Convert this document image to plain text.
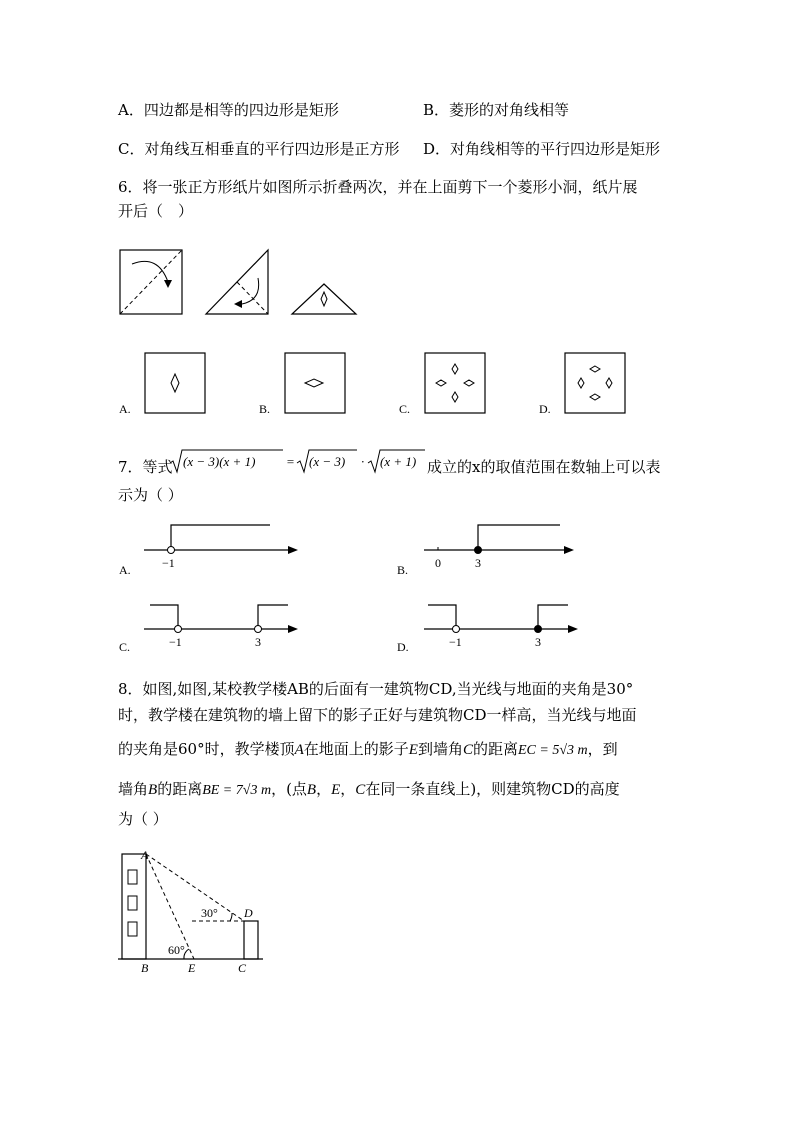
A．四边都是相等的四边形是矩形	B．菱形的对角线相等
C．对角线互相垂直的平行四边形是正方形 D．对角线相等的平行四边形是矩形
6．将一张正方形纸片如图所示折叠两次，并在上面剪下一个菱形小洞，纸片展
开后（　）
A.	B.	C.	D.
7．等式 (x − 3)(x + 1) = (x − 3) · (x + 1) 成立的x的取值范围在数轴上可以表
示为（ ）
−1
A.	0	3
B.
−1	3
C.	−1	3
D.
8．如图,如图,某校教学楼AB的后面有一建筑物CD,当光线与地面的夹角是30°
时，教学楼在建筑物的墙上留下的影子正好与建筑物CD一样高，当光线与地面
的夹角是60°时，教学楼顶A在地面上的影子E到墙角C的距离EC = 5√3 m，到
墙角B的距离BE = 7√3 m，(点B，E，C在同一条直线上)，则建筑物CD的高度
为（ ）
A
B	E	C
D
30°
60°
